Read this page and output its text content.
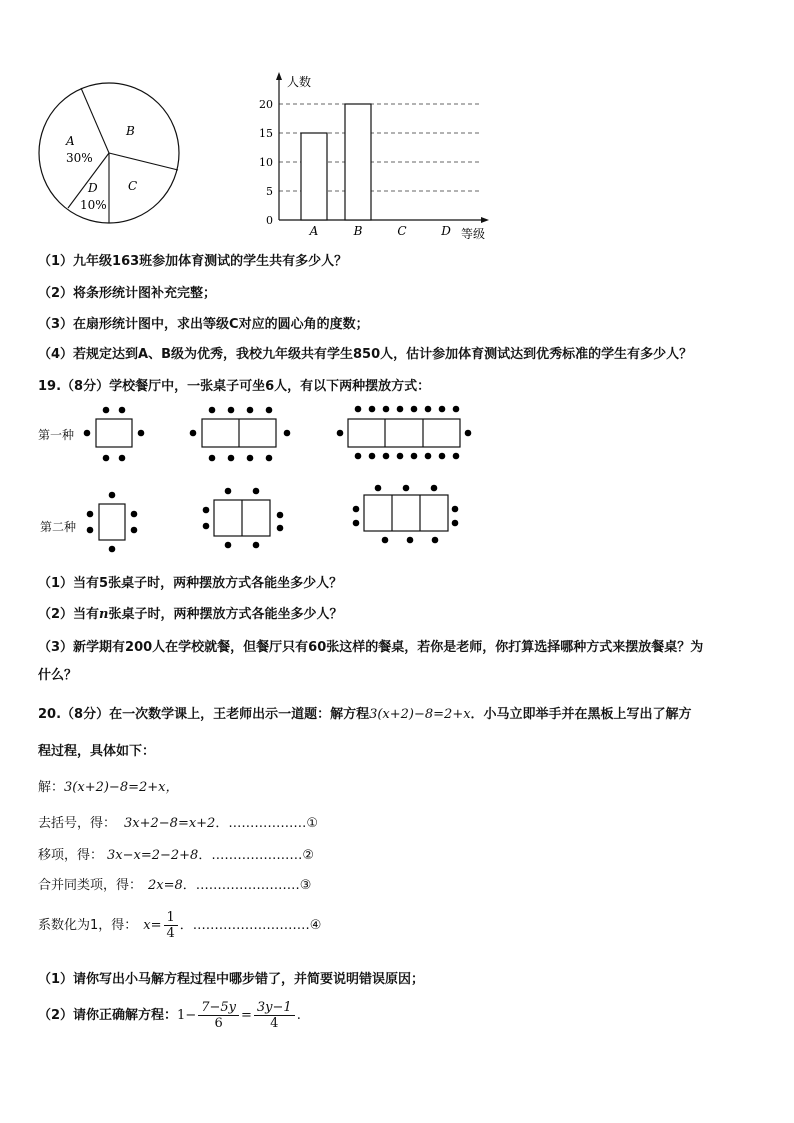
A
30%
B
C
D
10%
0
5
10
15
20
人数
等级
A	B	C	D
（1）九年级163班参加体育测试的学生共有多少人？
（2）将条形统计图补充完整；
（3）在扇形统计图中，求出等级C对应的圆心角的度数；
（4）若规定达到A、B级为优秀，我校九年级共有学生850人，估计参加体育测试达到优秀标准的学生有多少人？
19.（8分）学校餐厅中，一张桌子可坐6人，有以下两种摆放方式：
第一种
第二种
（1）当有5张桌子时，两种摆放方式各能坐多少人？
（2）当有n张桌子时，两种摆放方式各能坐多少人？
（3）新学期有200人在学校就餐，但餐厅只有60张这样的餐桌，若你是老师，你打算选择哪种方式来摆放餐桌？为
什么？
20.（8分）在一次数学课上，王老师出示一道题：解方程3(x+2)−8=2+x．小马立即举手并在黑板上写出了解方
程过程，具体如下：
解：3(x+2)−8=2+x，
去括号，得： 3x+2−8=x+2．………………①
移项，得： 3x−x=2−2+8．…………………②
合并同类项，得： 2x=8．……………………③
系数化为1，得： $x= \frac{1}{4}$ ．………………………④
（1）请你写出小马解方程过程中哪步错了，并简要说明错误原因；
（2）请你正确解方程：$1- \frac{7-5y}{6} = \frac{3y-1}{4}$ .
